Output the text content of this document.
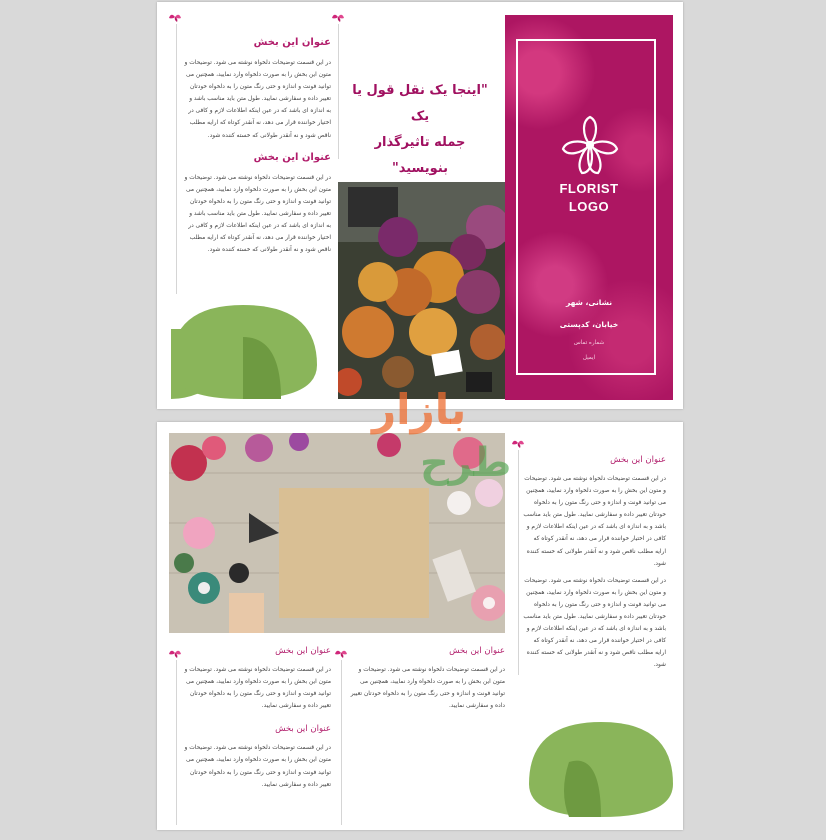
عنوان این بخش
در این قسمت توضیحات دلخواه نوشته می شود. توضیحات و متون این بخش را به صورت دلخواه وارد نمایید، همچنین می توانید فونت و اندازه و حتی رنگ متون را به دلخواه خودتان تغییر داده و سفارشی نمایید. طول متن باید مناسب باشد و به اندازه ای باشد که در عین اینکه اطلاعات لازم و کافی در اختیار خواننده قرار می دهد، نه آنقدر کوتاه که ارایه مطلب ناقص شود و نه آنقدر طولانی که خسته کننده شود.
عنوان این بخش
در این قسمت توضیحات دلخواه نوشته می شود. توضیحات و متون این بخش را به صورت دلخواه وارد نمایید، همچنین می توانید فونت و اندازه و حتی رنگ متون را به دلخواه خودتان تغییر داده و سفارشی نمایید. طول متن باید مناسب باشد و به اندازه ای باشد که در عین اینکه اطلاعات لازم و کافی در اختیار خواننده قرار می دهد، نه آنقدر کوتاه که ارایه مطلب ناقص شود و نه آنقدر طولانی که خسته کننده شود.
"اینجا یک نقل قول یا یک
جمله تاثیرگذار بنویسید"
FLORIST
LOGO
نشانی، شهر
خیابان، کدپستی
شماره تماس
ایمیل
عنوان این بخش
در این قسمت توضیحات دلخواه نوشته می شود. توضیحات و متون این بخش را به صورت دلخواه وارد نمایید، همچنین می توانید فونت و اندازه و حتی رنگ متون را به دلخواه خودتان تغییر داده و سفارشی نمایید. طول متن باید مناسب باشد و به اندازه ای باشد که در عین اینکه اطلاعات لازم و کافی در اختیار خواننده قرار می دهد، نه آنقدر کوتاه که ارایه مطلب ناقص شود و نه آنقدر طولانی که خسته کننده شود.
در این قسمت توضیحات دلخواه نوشته می شود. توضیحات و متون این بخش را به صورت دلخواه وارد نمایید، همچنین می توانید فونت و اندازه و حتی رنگ متون را به دلخواه خودتان تغییر داده و سفارشی نمایید. طول متن باید مناسب باشد و به اندازه ای باشد که در عین اینکه اطلاعات لازم و کافی در اختیار خواننده قرار می دهد، نه آنقدر کوتاه که ارایه مطلب ناقص شود و نه آنقدر طولانی که خسته کننده شود.
عنوان این بخش
در این قسمت توضیحات دلخواه نوشته می شود. توضیحات و متون این بخش را به صورت دلخواه وارد نمایید، همچنین می توانید فونت و اندازه و حتی رنگ متون را به دلخواه خودتان تغییر داده و سفارشی نمایید.
عنوان این بخش
در این قسمت توضیحات دلخواه نوشته می شود. توضیحات و متون این بخش را به صورت دلخواه وارد نمایید، همچنین می توانید فونت و اندازه و حتی رنگ متون را به دلخواه خودتان تغییر داده و سفارشی نمایید.
عنوان این بخش
در این قسمت توضیحات دلخواه نوشته می شود. توضیحات و متون این بخش را به صورت دلخواه وارد نمایید، همچنین می توانید فونت و اندازه و حتی رنگ متون را به دلخواه خودتان تغییر داده و سفارشی نمایید.
بازار
طرح
